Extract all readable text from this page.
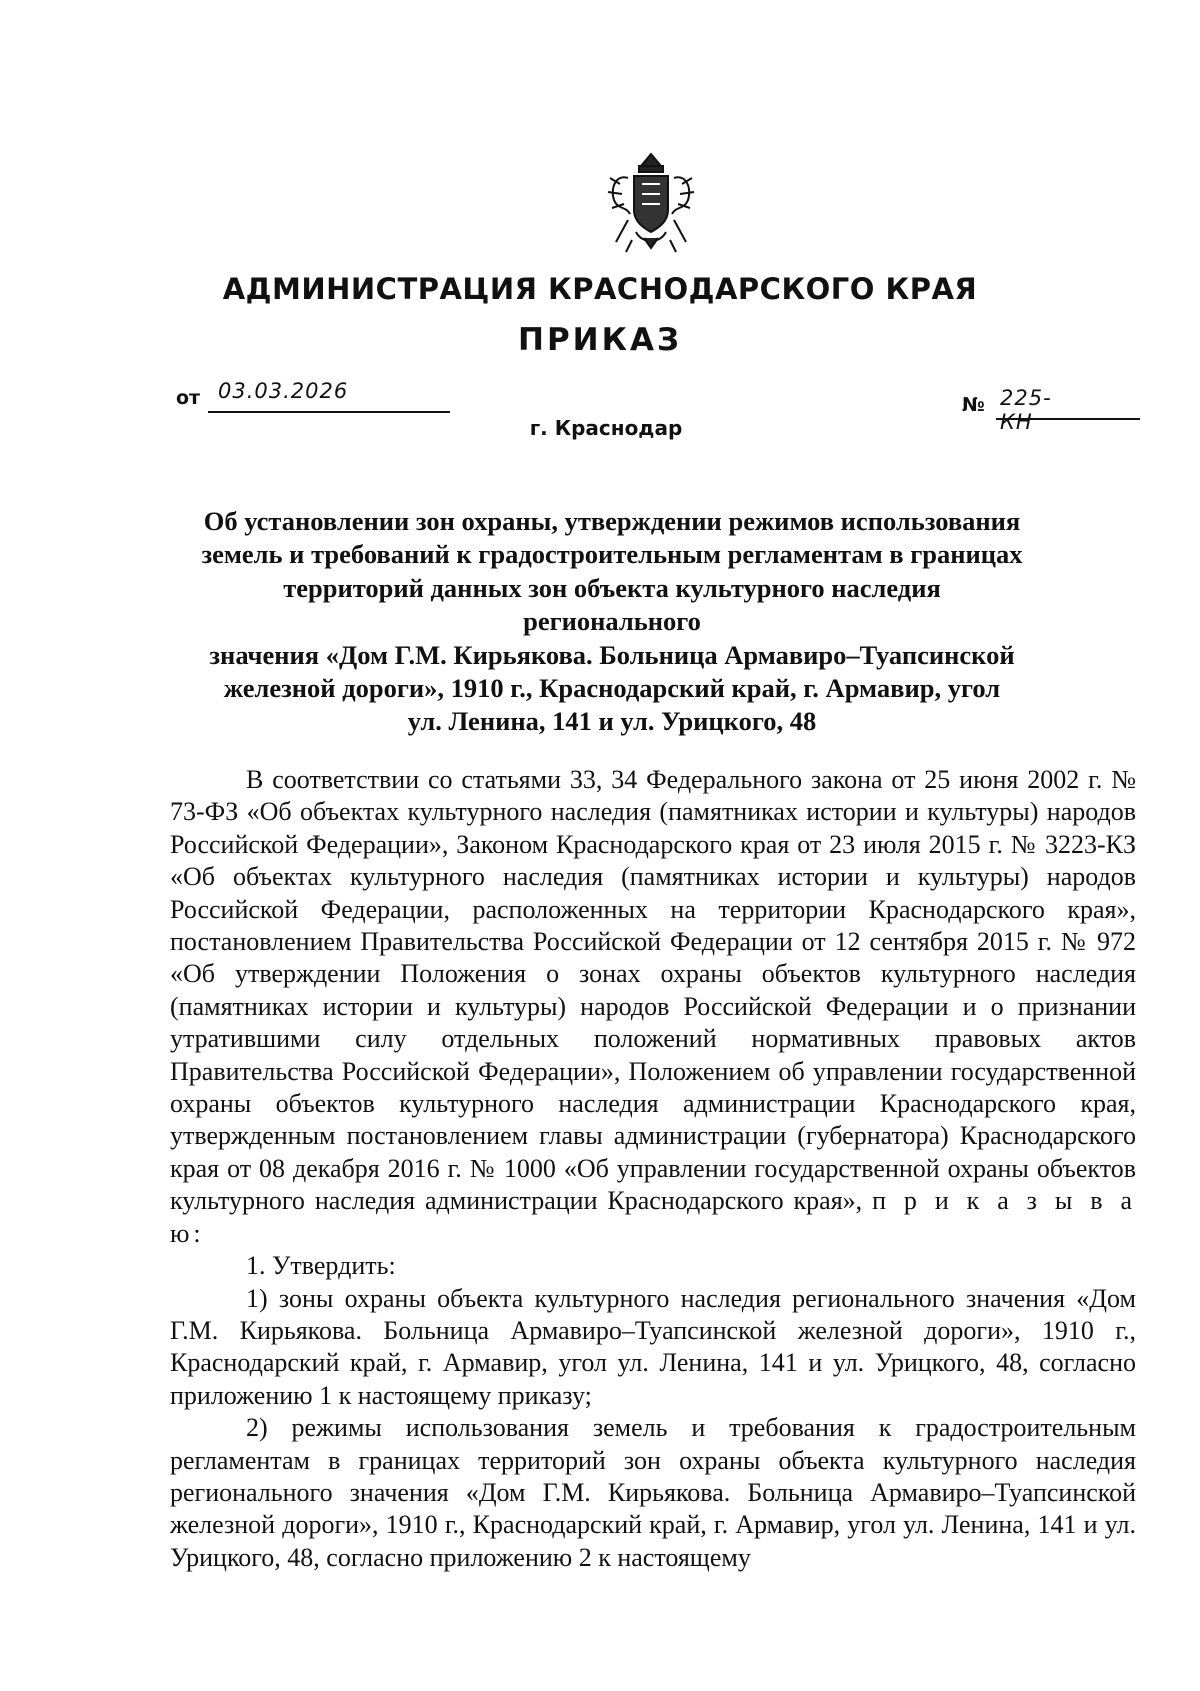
АДМИНИСТРАЦИЯ КРАСНОДАРСКОГО КРАЯ
ПРИКАЗ
от 03.03.2026
№ 225-КН
г. Краснодар
Об установлении зон охраны, утверждении режимов использования
земель и требований к градостроительным регламентам в границах
территорий данных зон объекта культурного наследия регионального
значения «Дом Г.М. Кирьякова. Больница Армавиро–Туапсинской
железной дороги», 1910 г., Краснодарский край, г. Армавир, угол
ул. Ленина, 141 и ул. Урицкого, 48

В соответствии со статьями 33, 34 Федерального закона от 25 июня 2002 г. № 73-ФЗ «Об объектах культурного наследия (памятниках истории и культуры) народов Российской Федерации», Законом Краснодарского края от 23 июля 2015 г. № 3223-КЗ «Об объектах культурного наследия (памятниках истории и культуры) народов Российской Федерации, расположенных на территории Краснодарского края», постановлением Правительства Российской Федерации от 12 сентября 2015 г. № 972 «Об утверждении Положения о зонах охраны объектов культурного наследия (памятниках истории и культуры) народов Российской Федерации и о признании утратившими силу отдельных положений нормативных правовых актов Правительства Российской Федерации», Положением об управлении государственной охраны объектов культурного наследия администрации Краснодарского края, утвержденным постановлением главы администрации (губернатора) Краснодарского края от 08 декабря 2016 г. № 1000 «Об управлении государственной охраны объектов культурного наследия администрации Краснодарского края», п р и к а з ы в а ю:

1. Утвердить:

1) зоны охраны объекта культурного наследия регионального значения «Дом Г.М. Кирьякова. Больница Армавиро–Туапсинской железной дороги», 1910 г., Краснодарский край, г. Армавир, угол ул. Ленина, 141 и ул. Урицкого, 48, согласно приложению 1 к настоящему приказу;

2) режимы использования земель и требования к градостроительным регламентам в границах территорий зон охраны объекта культурного наследия регионального значения «Дом Г.М. Кирьякова. Больница Армавиро–Туапсинской железной дороги», 1910 г., Краснодарский край, г. Армавир, угол ул. Ленина, 141 и ул. Урицкого, 48, согласно приложению 2 к настоящему
